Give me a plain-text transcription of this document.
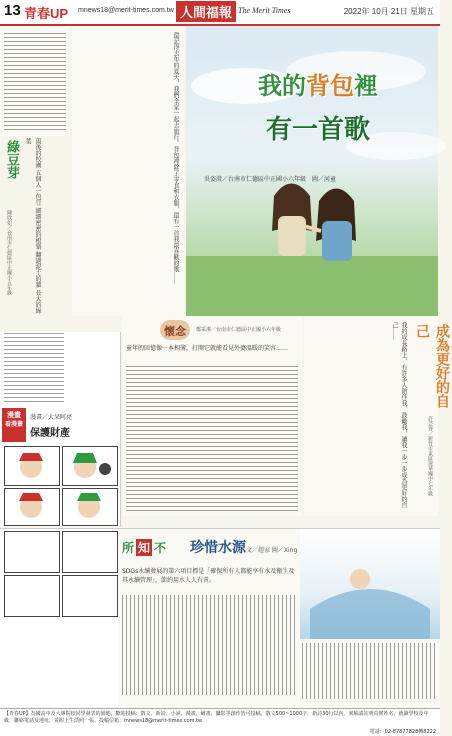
13 青春UP mnews18@merit-times.com.tw 人間福報 The Merit Times	2022年 10月 21日 星期五
我的背包裡
有一首歌
吳姿澄／台南市仁德區中正國小六年級　圖／河童
還記得去年的夏天，我們全家一起去旅行。背包裡除了零食和衣服，還有一首我最喜歡的歌……
綠豆芽	雨後的校園 五個人一包豆 細細密密的根鬚 翻過泥土的牆 長大的綠葉
陳欣如／台南市仁德區中正國小五年級
成為更好的自己
許芸齊／新竹市東區建華國中七年級
我的成長路上，有許多人陪伴我、鼓勵我，讓我一步一步成為更好的自己……
懷念	鄭采潔／台南市仁德區中正國小六年級
童年的回憶像一本相簿，打開它就能看見外婆溫暖的笑容……
漫畫
看漫畫
漫畫／大呆阿亮
保護財產
所 知 不	珍惜水源 文／趙家 圖／Xing
SDGs永續發展的第六項目標是「確保所有人都能享有水及衛生及其永續管理」，節約用水人人有責。
【青春UP】為國高中及大專院校同學發表的園地，歡迎投稿：散文、新詩、小說、漫畫、繪畫、攝影等創作皆可投稿，散文500~1000字，新詩30行以內。來稿請註明真實姓名、就讀學校及年級、聯絡電話及地址，並附上生活照一張。投稿信箱：mnews18@merit-times.com.tw
電話：02-87877828轉8222
